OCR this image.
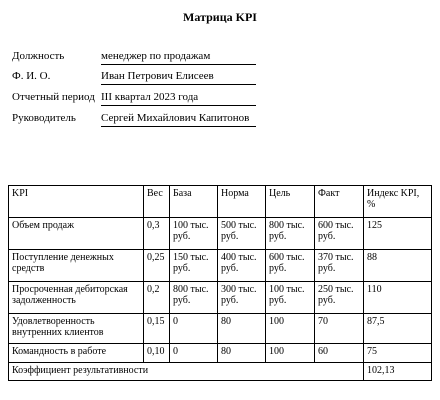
Матрица KPI
Должность	менеджер по продажам
Ф. И. О.	Иван Петрович Елисеев
Отчетный период III квартал 2023 года
Руководитель Сергей Михайлович Капитонов
KPI	Вес	База	Норма	Цель	Факт	Индекс KPI, %
Объем продаж	0,3	100 тыс. руб.	500 тыс. руб.	800 тыс. руб.	600 тыс. руб.	125
Поступление денежных средств	0,25	150 тыс. руб.	400 тыс. руб.	600 тыс. руб.	370 тыс. руб.	88
Просроченная дебиторская задолженность	0,2	800 тыс. руб.	300 тыс. руб.	100 тыс. руб.	250 тыс. руб.	110
Удовлетворенность внутренних клиентов	0,15	0	80	100	70	87,5
Командность в работе	0,10	0	80	100	60	75
Коэффициент результативности						102,13
